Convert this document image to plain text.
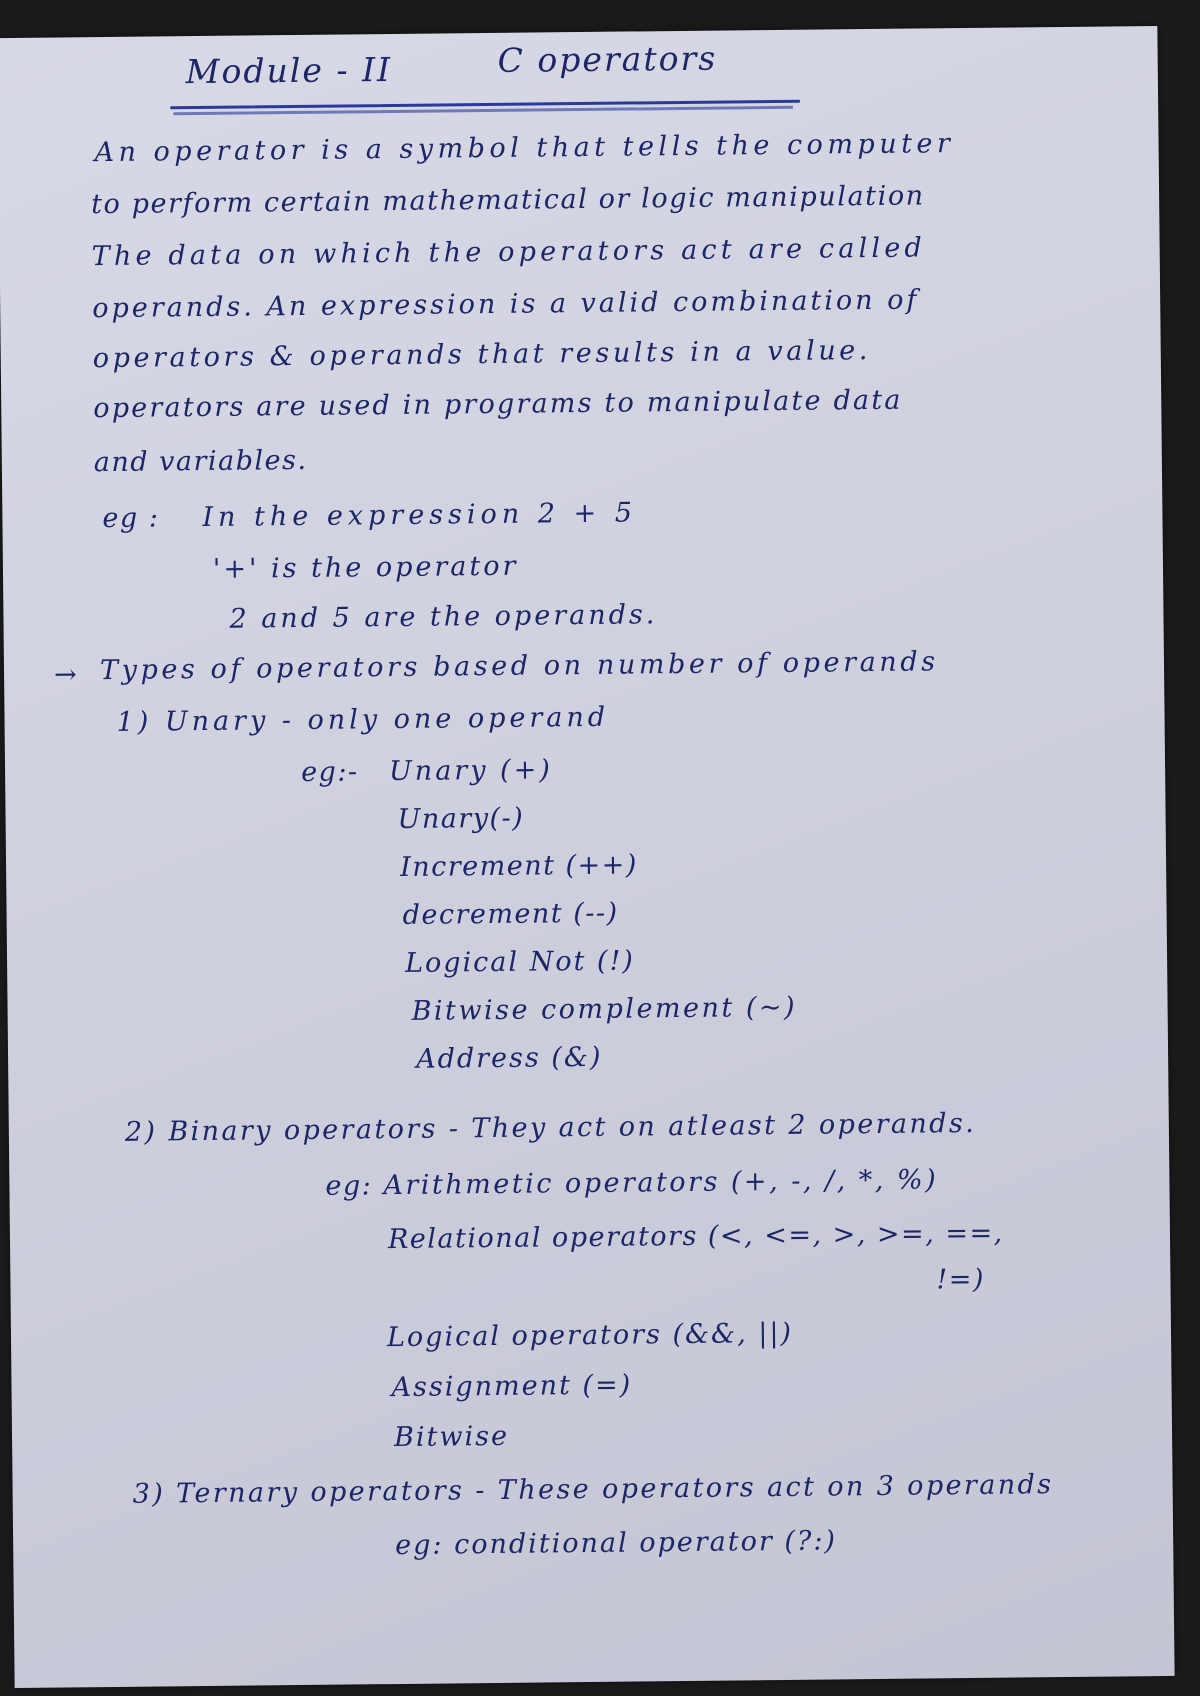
Module - II	C operators
An operator is a symbol that tells the computer
to perform certain mathematical or logic manipulation
The data on which the operators act are called
operands. An expression is a valid combination of
operators & operands that results in a value.
operators are used in programs to manipulate data
and variables.
eg : In the expression 2 + 5
'+' is the operator
2 and 5 are the operands.
→ Types of operators based on number of operands
1) Unary - only one operand
eg:- Unary (+)
Unary(-)
Increment (++)
decrement (--)
Logical Not (!)
Bitwise complement (~)
Address (&)
2) Binary operators - They act on atleast 2 operands.
eg: Arithmetic operators (+, -, /, *, %)
Relational operators (<, <=, >, >=, ==,
!=)
Logical operators (&&, ||)
Assignment (=)
Bitwise
3) Ternary operators - These operators act on 3 operands
eg: conditional operator (?:)
